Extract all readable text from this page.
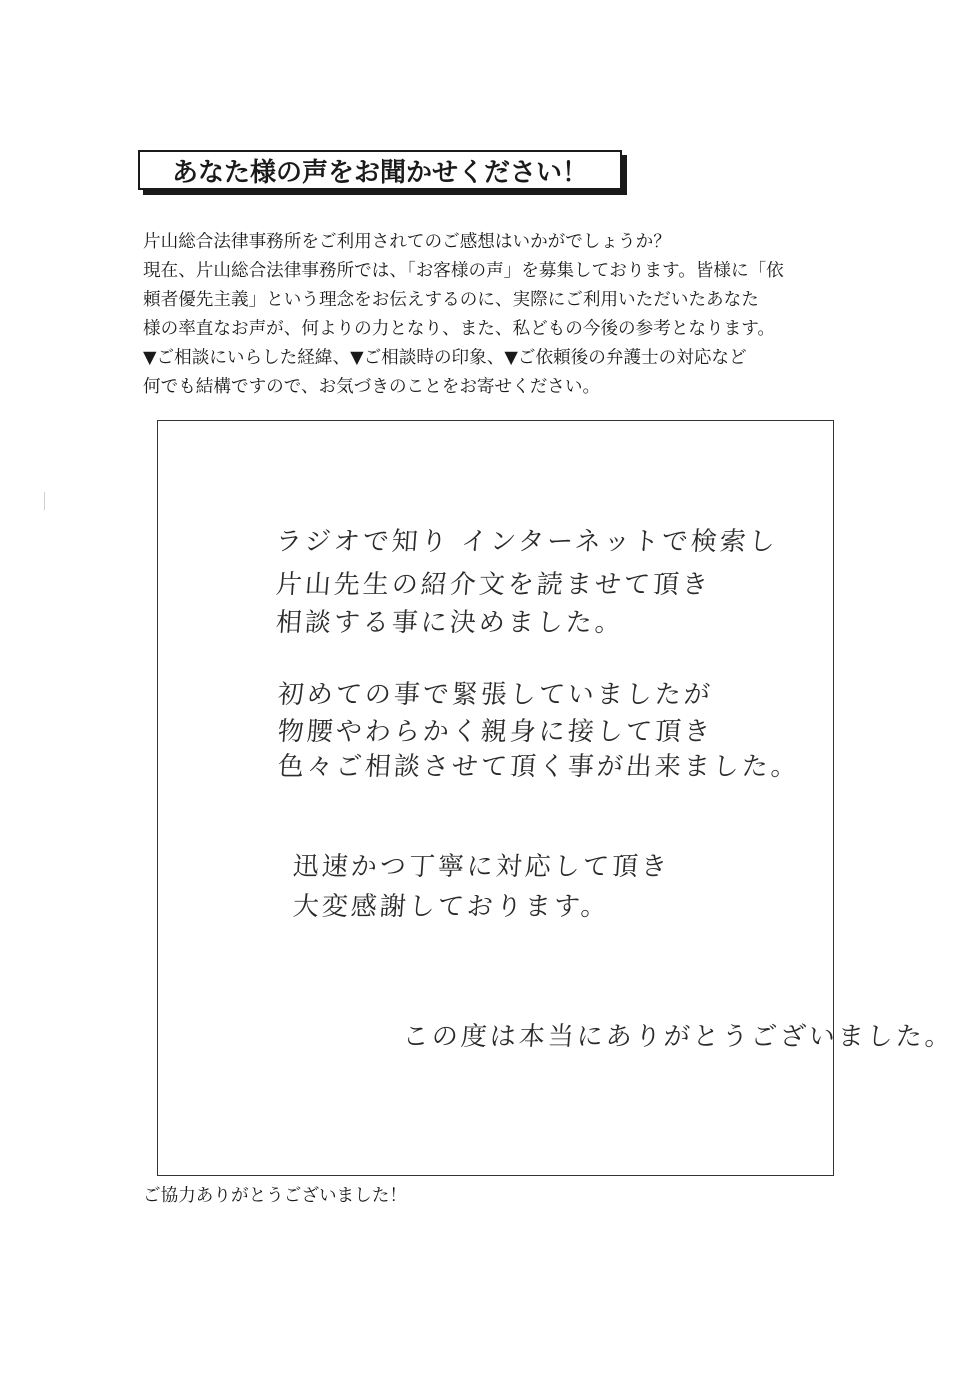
あなた様の声をお聞かせください！
片山総合法律事務所をご利用されてのご感想はいかがでしょうか？
現在、片山総合法律事務所では、「お客様の声」を募集しております。皆様に「依
頼者優先主義」という理念をお伝えするのに、実際にご利用いただいたあなた
様の率直なお声が、何よりの力となり、また、私どもの今後の参考となります。
▼ご相談にいらした経緯、▼ご相談時の印象、▼ご依頼後の弁護士の対応など
何でも結構ですので、お気づきのことをお寄せください。
ラジオで知り インターネットで検索し
片山先生の紹介文を読ませて頂き
相談する事に決めました。
初めての事で緊張していましたが
物腰やわらかく親身に接して頂き
色々ご相談させて頂く事が出来ました。
迅速かつ丁寧に対応して頂き
大変感謝しております。
この度は本当にありがとうございました。
ご協力ありがとうございました！
